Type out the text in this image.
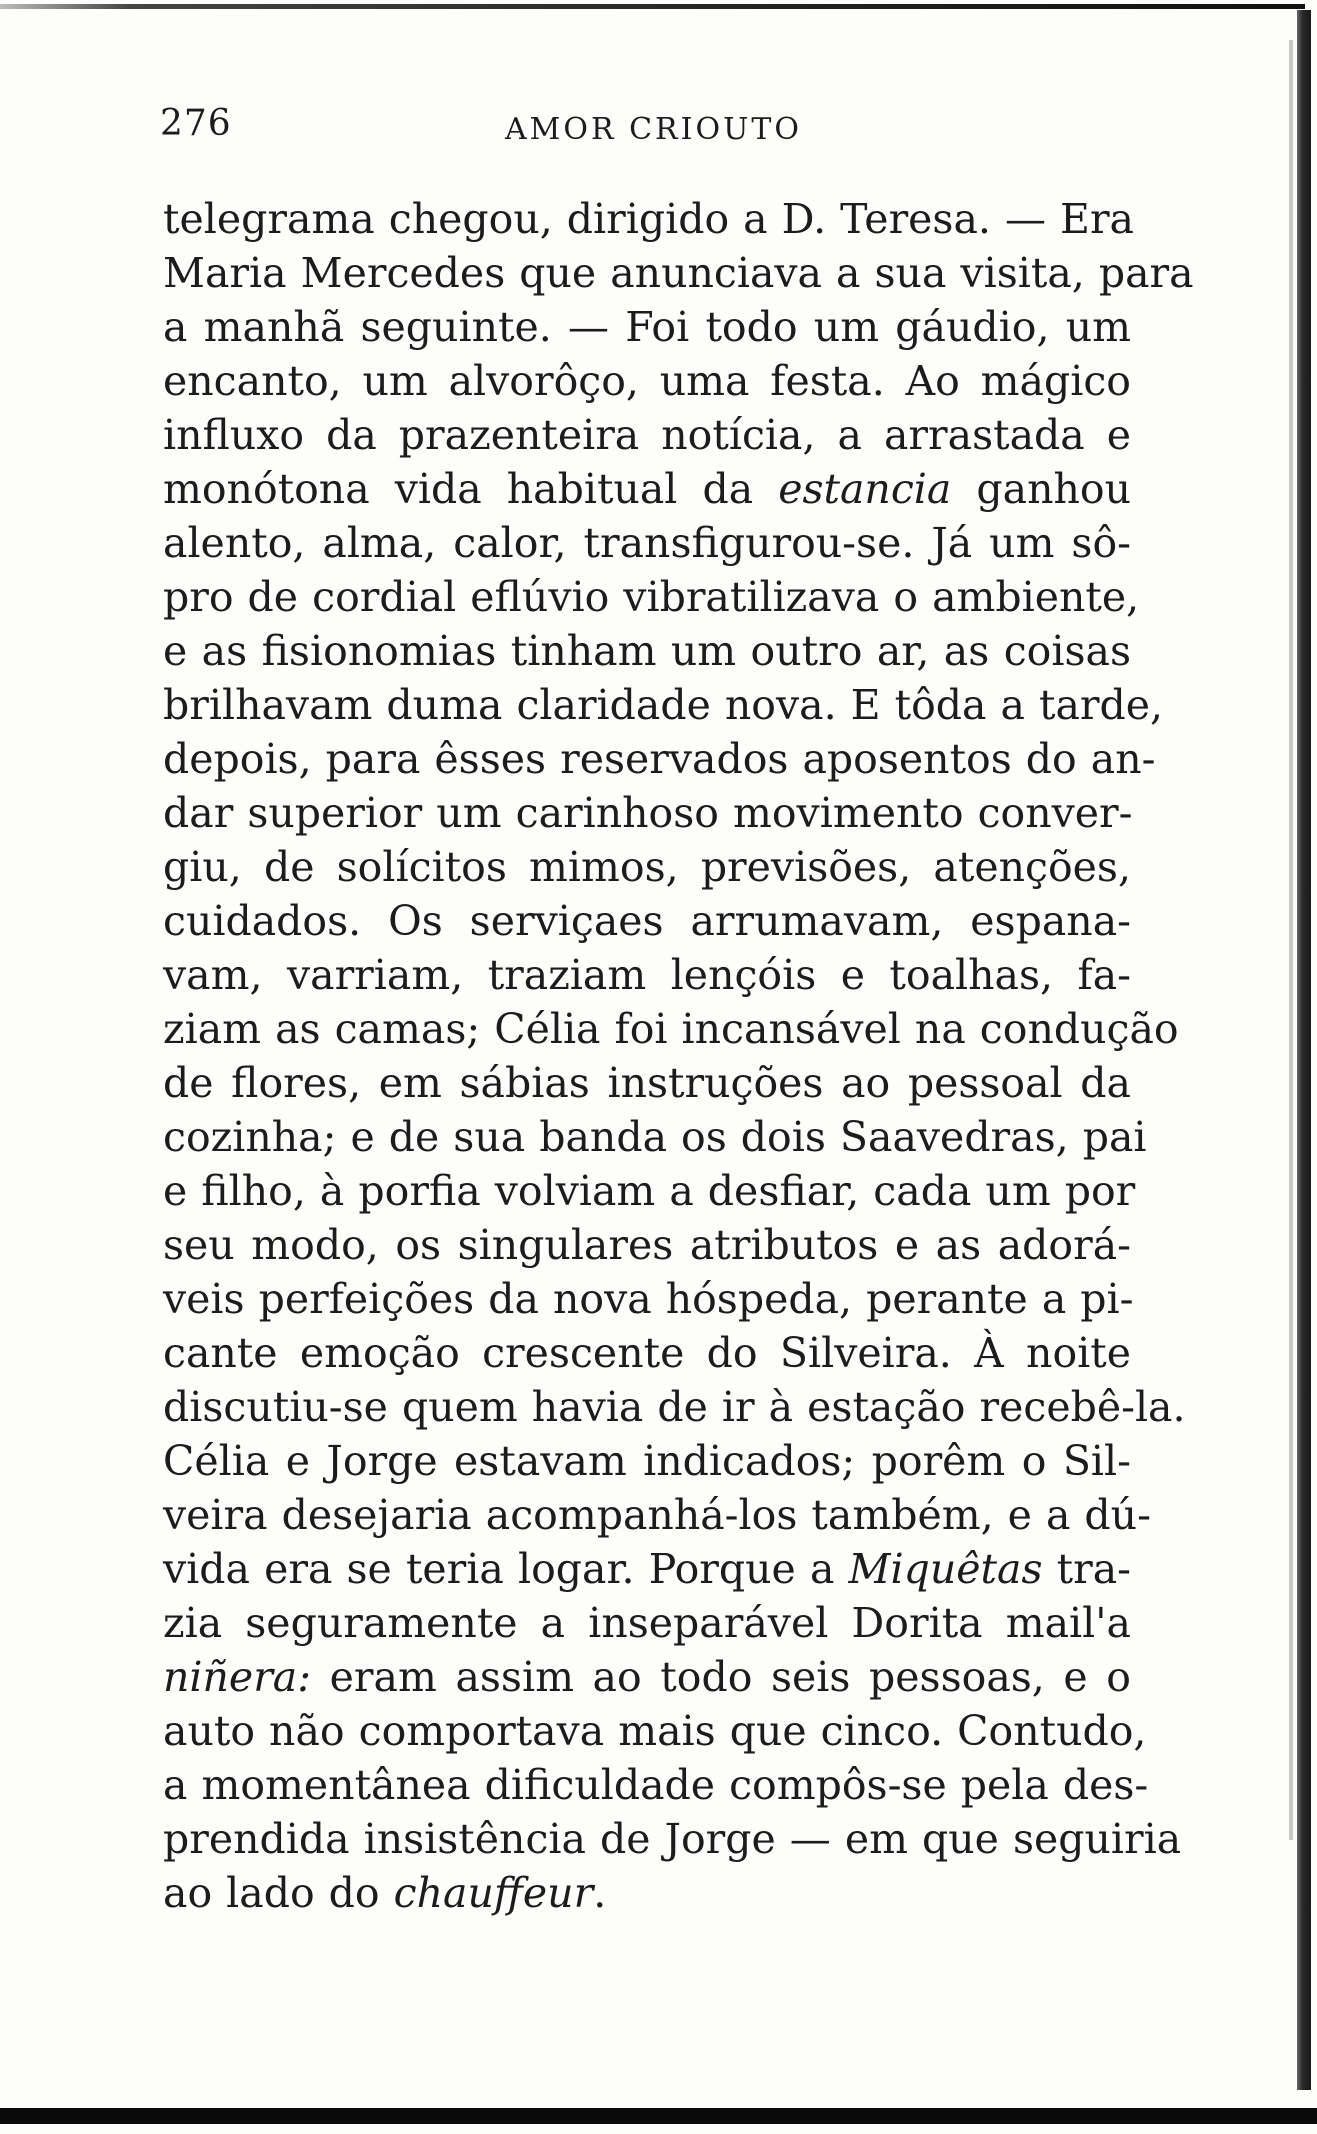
276	AMOR CRIOUTO
telegrama chegou, dirigido a D. Teresa. — Era
Maria Mercedes que anunciava a sua visita, para
a manhã seguinte. — Foi todo um gáudio, um
encanto, um alvorôço, uma festa. Ao mágico
influxo da prazenteira notícia, a arrastada e
monótona vida habitual da estancia ganhou
alento, alma, calor, transfigurou-se. Já um sô-
pro de cordial eflúvio vibratilizava o ambiente,
e as fisionomias tinham um outro ar, as coisas
brilhavam duma claridade nova. E tôda a tarde,
depois, para êsses reservados aposentos do an-
dar superior um carinhoso movimento conver-
giu, de solícitos mimos, previsões, atenções,
cuidados. Os serviçaes arrumavam, espana-
vam, varriam, traziam lençóis e toalhas, fa-
ziam as camas; Célia foi incansável na condução
de flores, em sábias instruções ao pessoal da
cozinha; e de sua banda os dois Saavedras, pai
e filho, à porfia volviam a desfiar, cada um por
seu modo, os singulares atributos e as adorá-
veis perfeições da nova hóspeda, perante a pi-
cante emoção crescente do Silveira. À noite
discutiu-se quem havia de ir à estação recebê-la.
Célia e Jorge estavam indicados; porêm o Sil-
veira desejaria acompanhá-los também, e a dú-
vida era se teria logar. Porque a Miquêtas tra-
zia seguramente a inseparável Dorita mail'a
niñera: eram assim ao todo seis pessoas, e o
auto não comportava mais que cinco. Contudo,
a momentânea dificuldade compôs-se pela des-
prendida insistência de Jorge — em que seguiria
ao lado do chauffeur.
